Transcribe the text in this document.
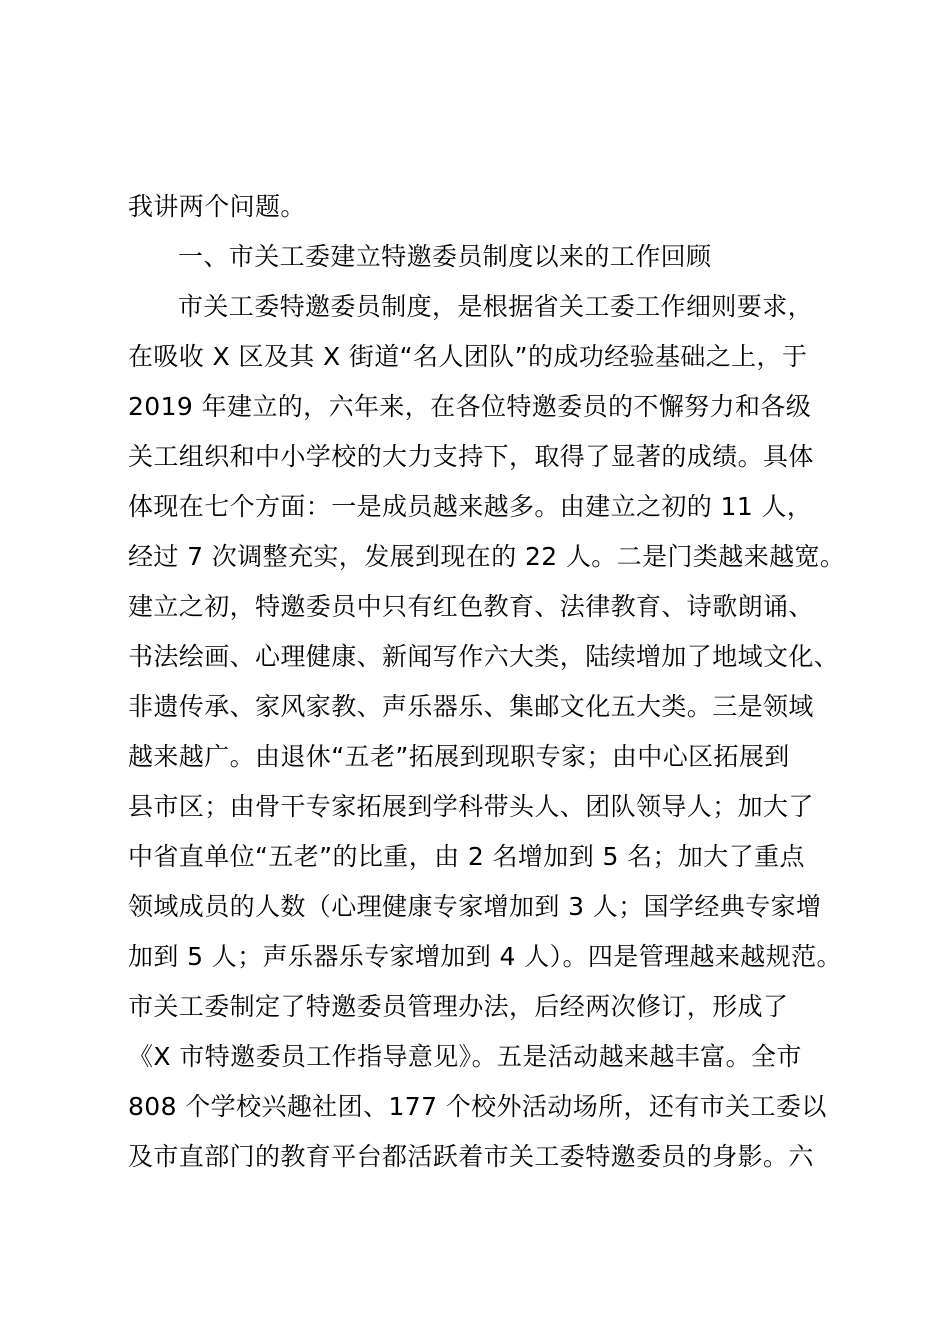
我讲两个问题。
一、市关工委建立特邀委员制度以来的工作回顾
市关工委特邀委员制度，是根据省关工委工作细则要求，
在吸收 X 区及其 X 街道“名人团队”的成功经验基础之上，于
2019 年建立的，六年来，在各位特邀委员的不懈努力和各级
关工组织和中小学校的大力支持下，取得了显著的成绩。具体
体现在七个方面：一是成员越来越多。由建立之初的 11 人，
经过 7 次调整充实，发展到现在的 22 人。二是门类越来越宽。
建立之初，特邀委员中只有红色教育、法律教育、诗歌朗诵、
书法绘画、心理健康、新闻写作六大类，陆续增加了地域文化、
非遗传承、家风家教、声乐器乐、集邮文化五大类。三是领域
越来越广。由退休“五老”拓展到现职专家；由中心区拓展到
县市区；由骨干专家拓展到学科带头人、团队领导人；加大了
中省直单位“五老”的比重，由 2 名增加到 5 名；加大了重点
领域成员的人数（心理健康专家增加到 3 人；国学经典专家增
加到 5 人；声乐器乐专家增加到 4 人）。四是管理越来越规范。
市关工委制定了特邀委员管理办法，后经两次修订，形成了
《X 市特邀委员工作指导意见》。五是活动越来越丰富。全市
808 个学校兴趣社团、177 个校外活动场所，还有市关工委以
及市直部门的教育平台都活跃着市关工委特邀委员的身影。六
